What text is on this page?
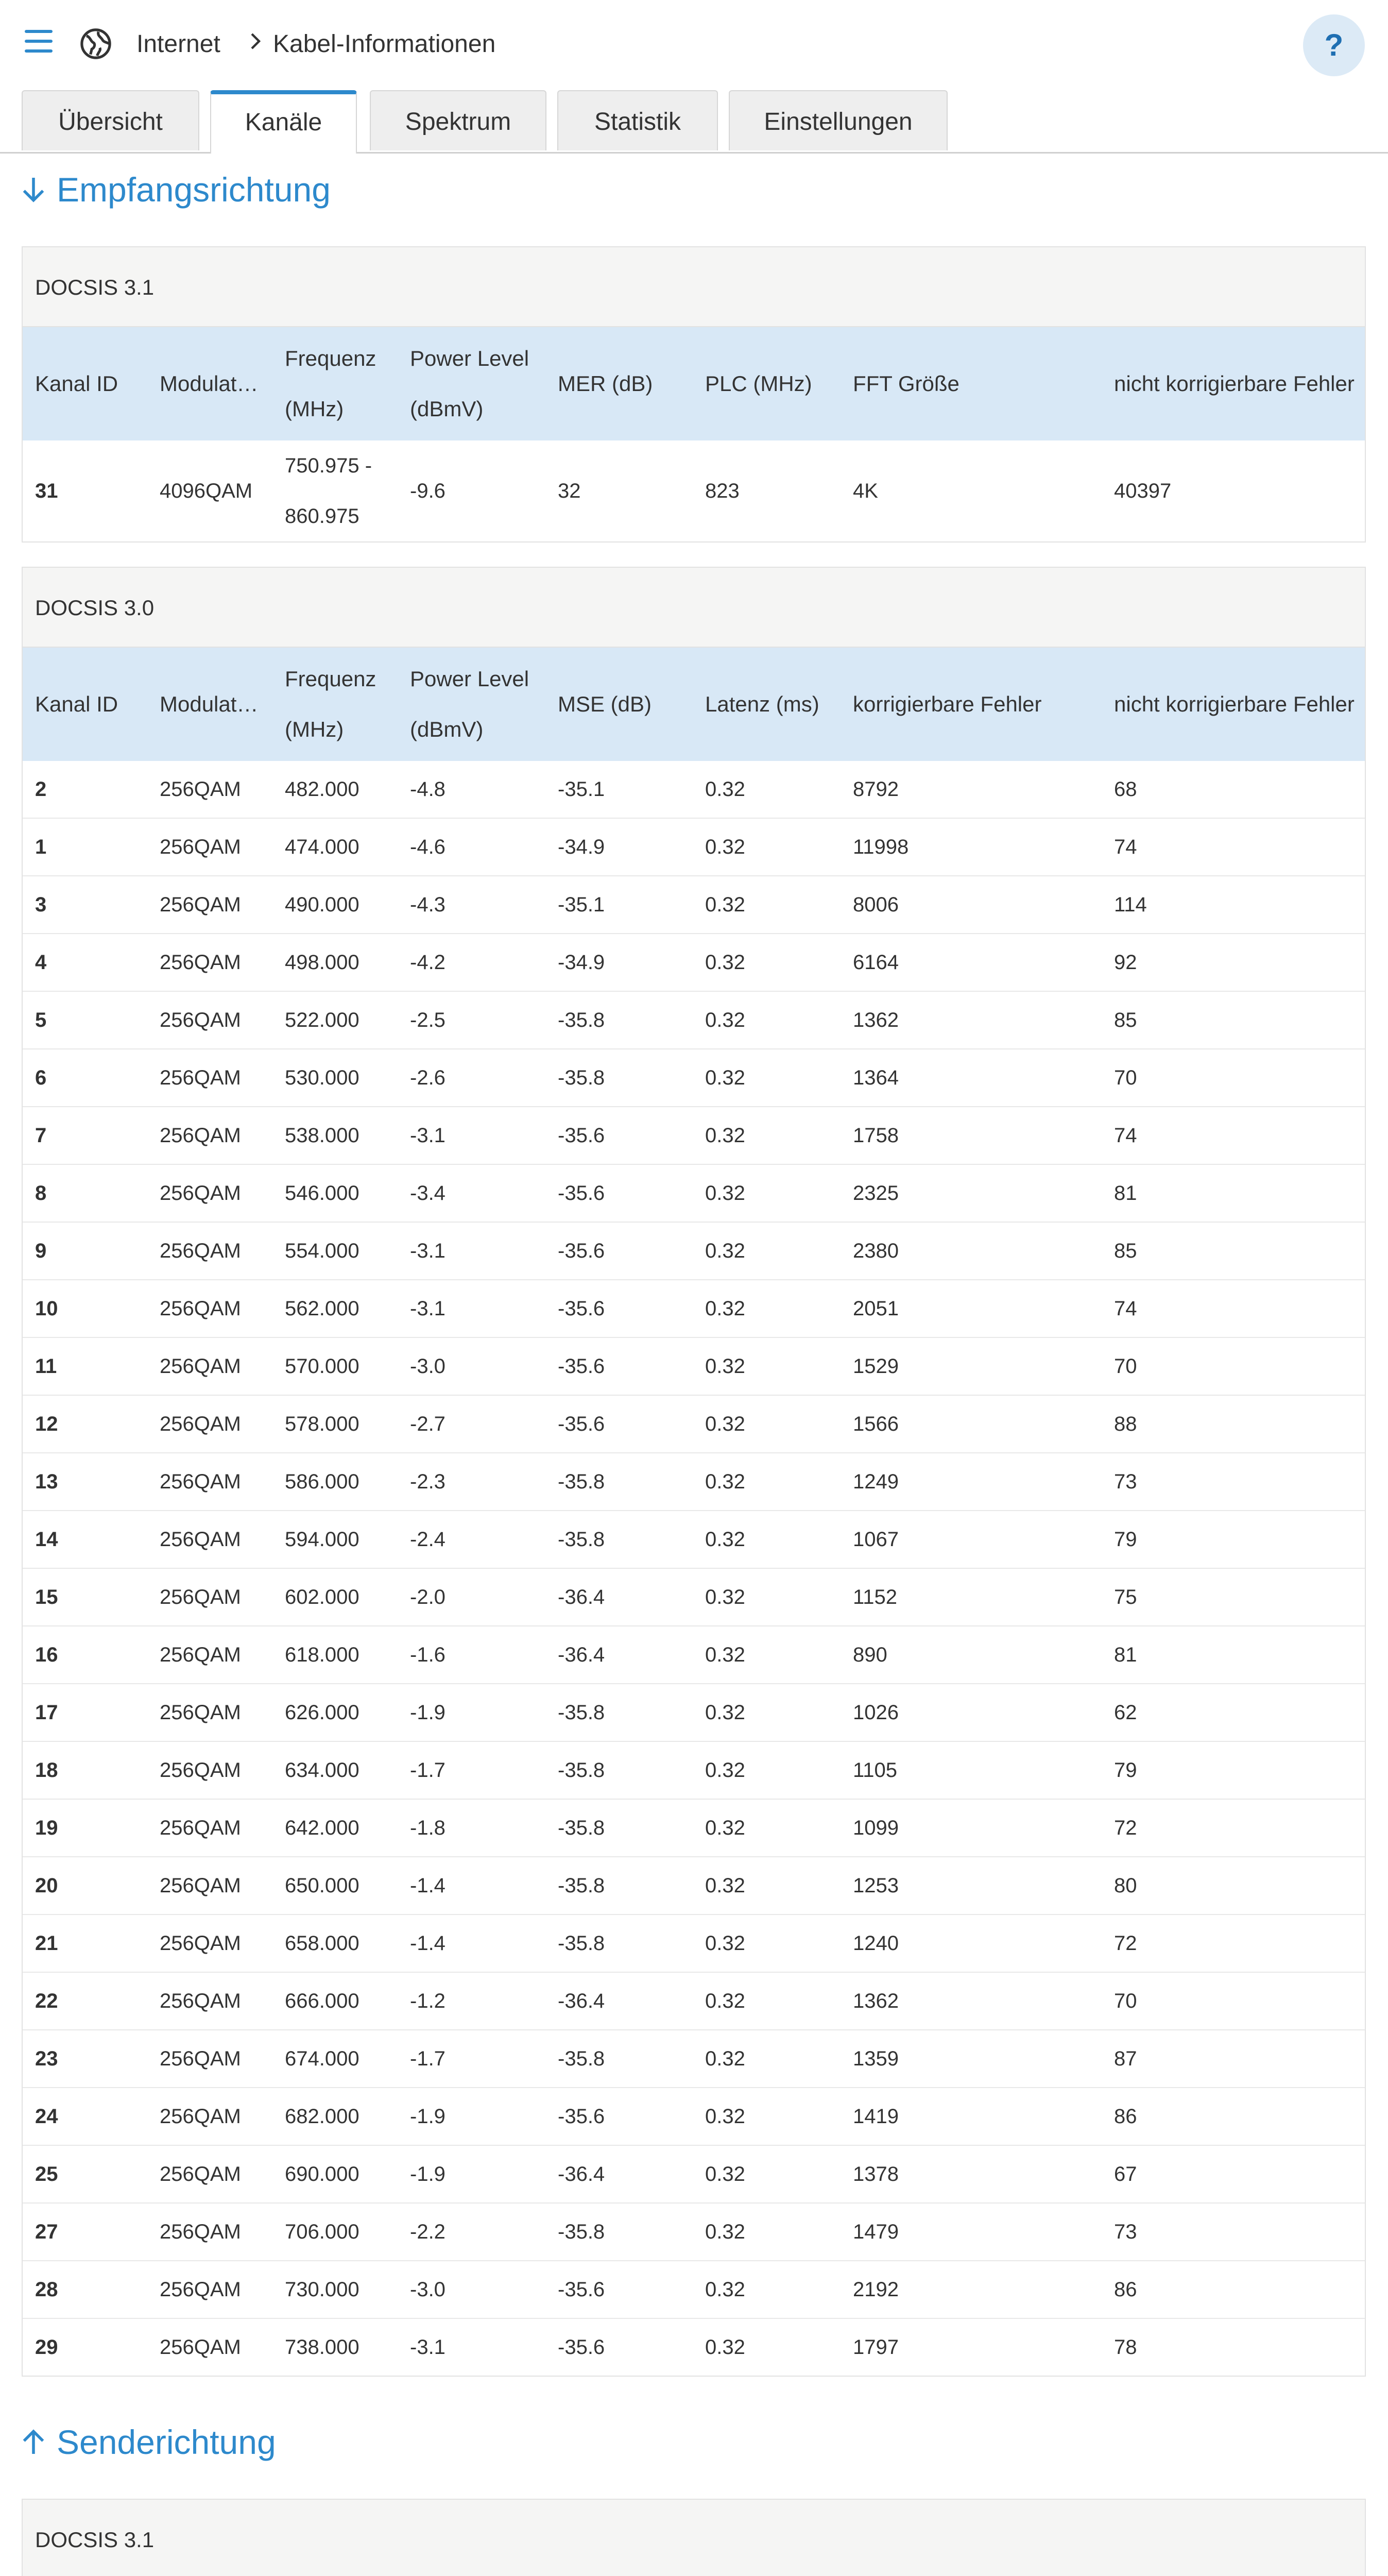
Internet Kabel-Informationen	?
Übersicht	Kanäle	Spektrum	Statistik	Einstellungen
Empfangsrichtung
DOCSIS 3.1
Kanal ID	Modulat…	Frequenz (MHz)	Power Level (dBmV)	MER (dB)	PLC (MHz)	FFT Größe	nicht korrigierbare Fehler
31	4096QAM	750.975 - 860.975	-9.6	32	823	4K	40397
DOCSIS 3.0
Kanal ID	Modulat…	Frequenz (MHz)	Power Level (dBmV)	MSE (dB)	Latenz (ms)	korrigierbare Fehler	nicht korrigierbare Fehler
2	256QAM	482.000	-4.8	-35.1	0.32	8792	68
1	256QAM	474.000	-4.6	-34.9	0.32	11998	74
3	256QAM	490.000	-4.3	-35.1	0.32	8006	114
4	256QAM	498.000	-4.2	-34.9	0.32	6164	92
5	256QAM	522.000	-2.5	-35.8	0.32	1362	85
6	256QAM	530.000	-2.6	-35.8	0.32	1364	70
7	256QAM	538.000	-3.1	-35.6	0.32	1758	74
8	256QAM	546.000	-3.4	-35.6	0.32	2325	81
9	256QAM	554.000	-3.1	-35.6	0.32	2380	85
10	256QAM	562.000	-3.1	-35.6	0.32	2051	74
11	256QAM	570.000	-3.0	-35.6	0.32	1529	70
12	256QAM	578.000	-2.7	-35.6	0.32	1566	88
13	256QAM	586.000	-2.3	-35.8	0.32	1249	73
14	256QAM	594.000	-2.4	-35.8	0.32	1067	79
15	256QAM	602.000	-2.0	-36.4	0.32	1152	75
16	256QAM	618.000	-1.6	-36.4	0.32	890	81
17	256QAM	626.000	-1.9	-35.8	0.32	1026	62
18	256QAM	634.000	-1.7	-35.8	0.32	1105	79
19	256QAM	642.000	-1.8	-35.8	0.32	1099	72
20	256QAM	650.000	-1.4	-35.8	0.32	1253	80
21	256QAM	658.000	-1.4	-35.8	0.32	1240	72
22	256QAM	666.000	-1.2	-36.4	0.32	1362	70
23	256QAM	674.000	-1.7	-35.8	0.32	1359	87
24	256QAM	682.000	-1.9	-35.6	0.32	1419	86
25	256QAM	690.000	-1.9	-36.4	0.32	1378	67
27	256QAM	706.000	-2.2	-35.8	0.32	1479	73
28	256QAM	730.000	-3.0	-35.6	0.32	2192	86
29	256QAM	738.000	-3.1	-35.6	0.32	1797	78
Senderichtung
DOCSIS 3.1
